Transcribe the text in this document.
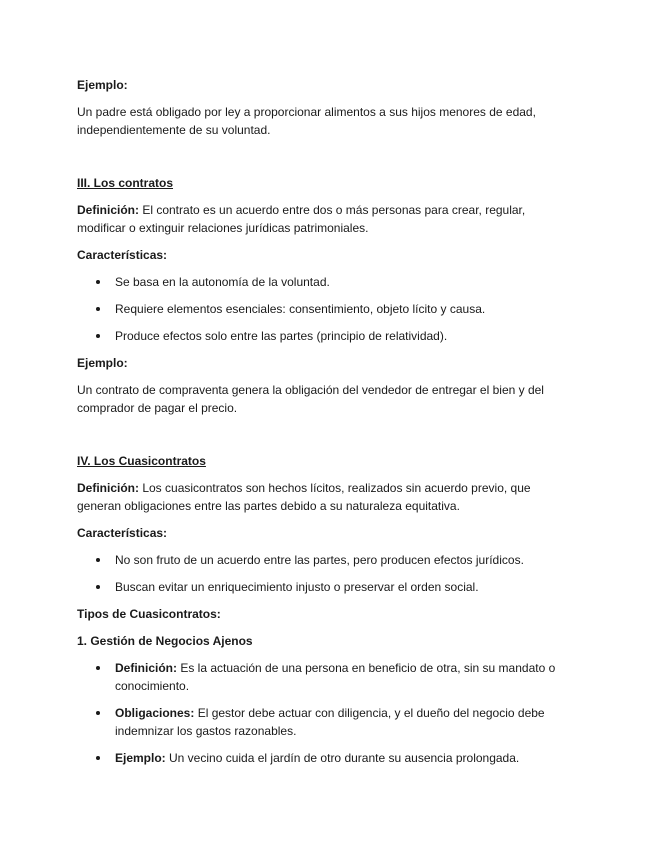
Ejemplo:

Un padre está obligado por ley a proporcionar alimentos a sus hijos menores de edad, independientemente de su voluntad.

III. Los contratos

Definición: El contrato es un acuerdo entre dos o más personas para crear, regular, modificar o extinguir relaciones jurídicas patrimoniales.

Características:

Se basa en la autonomía de la voluntad.
Requiere elementos esenciales: consentimiento, objeto lícito y causa.
Produce efectos solo entre las partes (principio de relatividad).

Ejemplo:

Un contrato de compraventa genera la obligación del vendedor de entregar el bien y del comprador de pagar el precio.

IV. Los Cuasicontratos

Definición: Los cuasicontratos son hechos lícitos, realizados sin acuerdo previo, que generan obligaciones entre las partes debido a su naturaleza equitativa.

Características:

No son fruto de un acuerdo entre las partes, pero producen efectos jurídicos.
Buscan evitar un enriquecimiento injusto o preservar el orden social.

Tipos de Cuasicontratos:

1. Gestión de Negocios Ajenos

Definición: Es la actuación de una persona en beneficio de otra, sin su mandato o conocimiento.
Obligaciones: El gestor debe actuar con diligencia, y el dueño del negocio debe indemnizar los gastos razonables.
Ejemplo: Un vecino cuida el jardín de otro durante su ausencia prolongada.
